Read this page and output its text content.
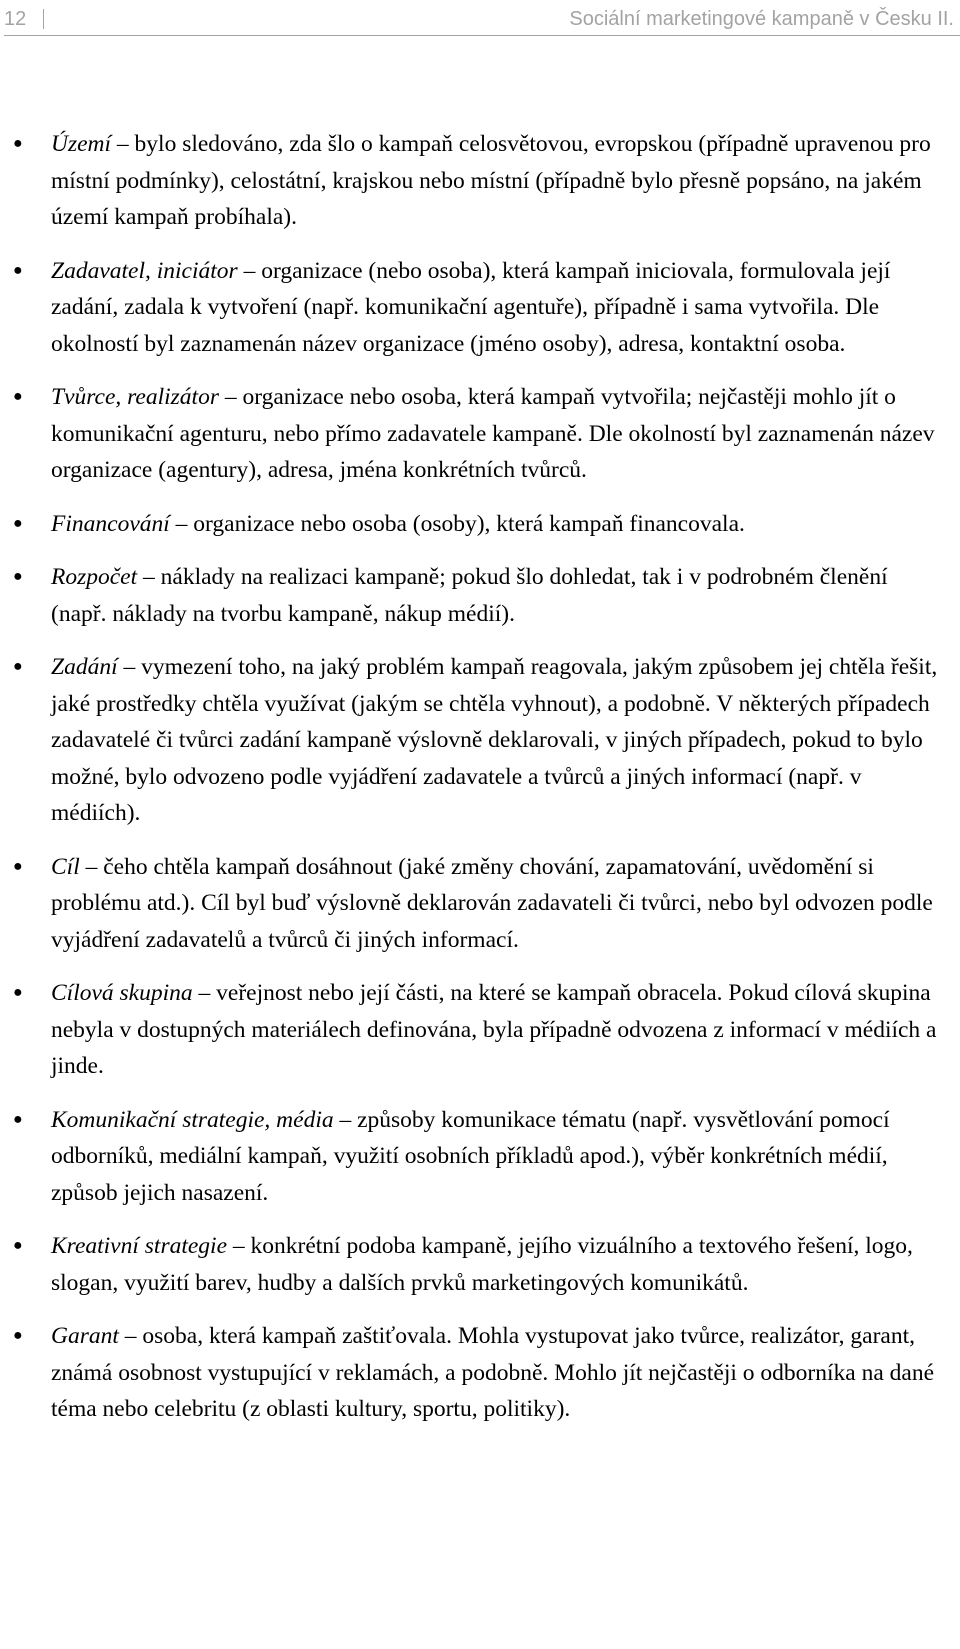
12	Sociální marketingové kampaně v Česku II.
● Území – bylo sledováno, zda šlo o kampaň celosvětovou, evropskou (případně upravenou pro místní podmínky), celostátní, krajskou nebo místní (případně bylo přesně popsáno, na jakém území kampaň probíhala).
● Zadavatel, iniciátor – organizace (nebo osoba), která kampaň iniciovala, formulovala její zadání, zadala k vytvoření (např. komunikační agentuře), případně i sama vytvořila. Dle okolností byl zaznamenán název organizace (jméno osoby), adresa, kontaktní osoba.
● Tvůrce, realizátor – organizace nebo osoba, která kampaň vytvořila; nejčastěji mohlo jít o komunikační agenturu, nebo přímo zadavatele kampaně. Dle okolností byl zaznamenán název organizace (agentury), adresa, jména konkrétních tvůrců.
● Financování – organizace nebo osoba (osoby), která kampaň financovala.
● Rozpočet – náklady na realizaci kampaně; pokud šlo dohledat, tak i v podrobném členění (např. náklady na tvorbu kampaně, nákup médií).
● Zadání – vymezení toho, na jaký problém kampaň reagovala, jakým způsobem jej chtěla řešit, jaké prostředky chtěla využívat (jakým se chtěla vyhnout), a podobně. V některých případech zadavatelé či tvůrci zadání kampaně výslovně deklarovali, v jiných případech, pokud to bylo možné, bylo odvozeno podle vyjádření zadavatele a tvůrců a jiných informací (např. v médiích).
● Cíl – čeho chtěla kampaň dosáhnout (jaké změny chování, zapamatování, uvědomění si problému atd.). Cíl byl buď výslovně deklarován zadavateli či tvůrci, nebo byl odvozen podle vyjádření zadavatelů a tvůrců či jiných informací.
● Cílová skupina – veřejnost nebo její části, na které se kampaň obracela. Pokud cílová skupina nebyla v dostupných materiálech definována, byla případně odvozena z informací v médiích a jinde.
● Komunikační strategie, média – způsoby komunikace tématu (např. vysvětlování pomocí odborníků, mediální kampaň, využití osobních příkladů apod.), výběr konkrétních médií, způsob jejich nasazení.
● Kreativní strategie – konkrétní podoba kampaně, jejího vizuálního a textového řešení, logo, slogan, využití barev, hudby a dalších prvků marketingových komunikátů.
● Garant – osoba, která kampaň zaštiťovala. Mohla vystupovat jako tvůrce, realizátor, garant, známá osobnost vystupující v reklamách, a podobně. Mohlo jít nejčastěji o odborníka na dané téma nebo celebritu (z oblasti kultury, sportu, politiky).
